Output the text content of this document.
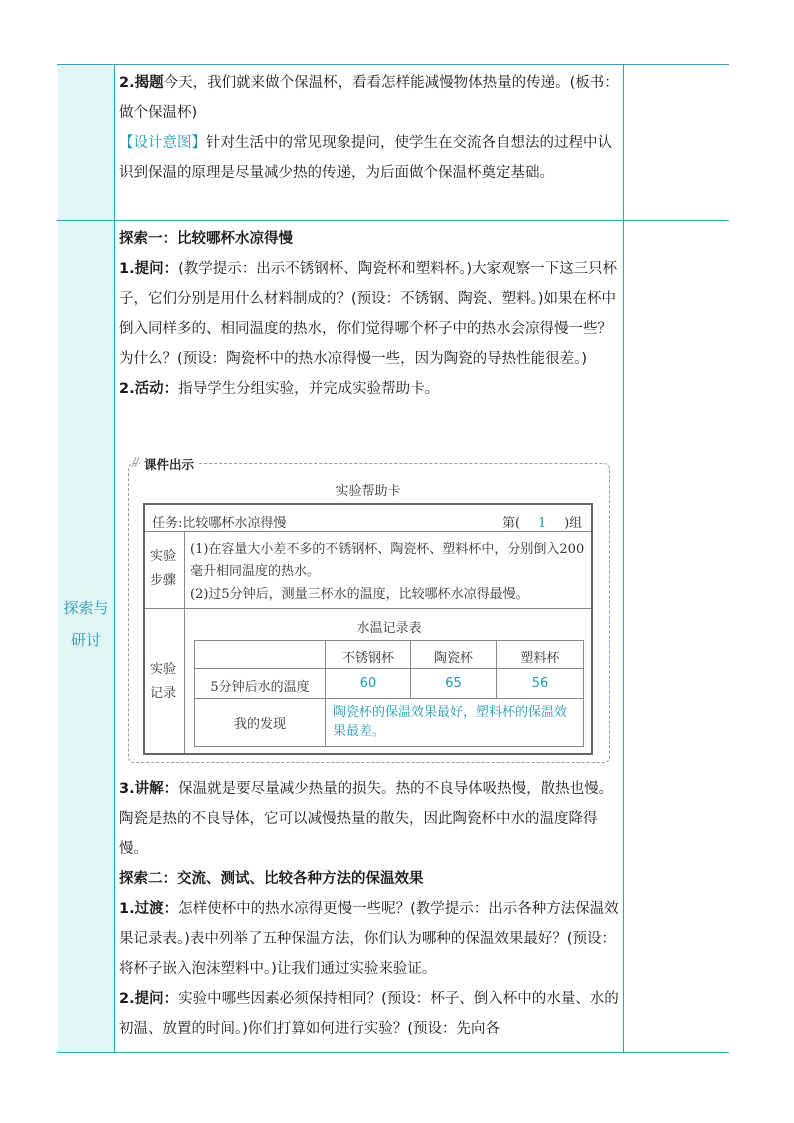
探索与研讨

2.揭题今天，我们就来做个保温杯，看看怎样能减慢物体热量的传递。(板书：做个保温杯)

【设计意图】针对生活中的常见现象提问，使学生在交流各自想法的过程中认识到保温的原理是尽量减少热的传递，为后面做个保温杯奠定基础。

探索一：比较哪杯水凉得慢

1.提问：(教学提示：出示不锈钢杯、陶瓷杯和塑料杯。)大家观察一下这三只杯子，它们分别是用什么材料制成的？(预设：不锈钢、陶瓷、塑料。)如果在杯中倒入同样多的、相同温度的热水，你们觉得哪个杯子中的热水会凉得慢一些？为什么？(预设：陶瓷杯中的热水凉得慢一些，因为陶瓷的导热性能很差。)

2.活动：指导学生分组实验，并完成实验帮助卡。

课件出示
实验帮助卡
任务:比较哪杯水凉得慢	第( 1 )组
实验步骤
(1)在容量大小差不多的不锈钢杯、陶瓷杯、塑料杯中，分别倒入200毫升相同温度的热水。
(2)过5分钟后，测量三杯水的温度，比较哪杯水凉得最慢。
实验记录
水温记录表
不锈钢杯	陶瓷杯	塑料杯
5分钟后水的温度	60	65	56
我的发现
陶瓷杯的保温效果最好，塑料杯的保温效果最差。

3.讲解：保温就是要尽量减少热量的损失。热的不良导体吸热慢，散热也慢。陶瓷是热的不良导体，它可以减慢热量的散失，因此陶瓷杯中水的温度降得慢。

探索二：交流、测试、比较各种方法的保温效果

1.过渡：怎样使杯中的热水凉得更慢一些呢？(教学提示：出示各种方法保温效果记录表。)表中列举了五种保温方法，你们认为哪种的保温效果最好？(预设：将杯子嵌入泡沫塑料中。)让我们通过实验来验证。

2.提问：实验中哪些因素必须保持相同？(预设：杯子、倒入杯中的水量、水的初温、放置的时间。)你们打算如何进行实验？(预设：先向各
